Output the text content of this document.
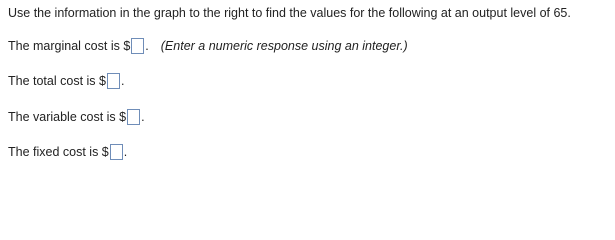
Use the information in the graph to the right to find the values for the following at an output level of 65.
The marginal cost is $ . (Enter a numeric response using an integer.)
The total cost is $ .
The variable cost is $ .
The fixed cost is $ .
